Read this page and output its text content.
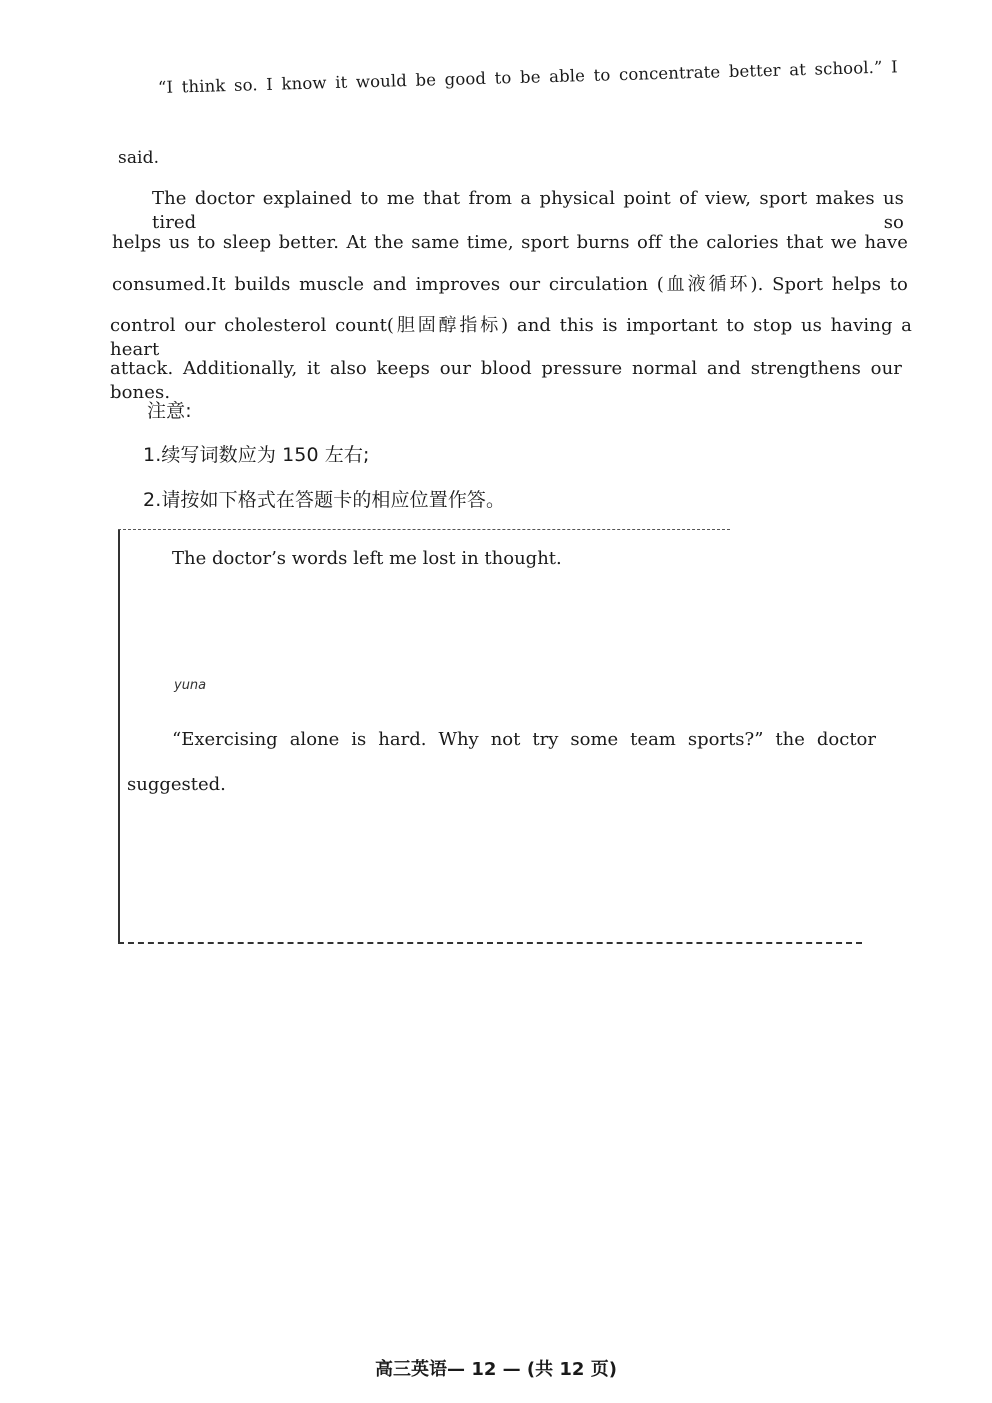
“I think so. I know it would be good to be able to concentrate better at school.” I
said.
The doctor explained to me that from a physical point of view, sport makes us tired so
helps us to sleep better. At the same time, sport burns off the calories that we have
consumed.It builds muscle and improves our circulation (血液循环). Sport helps to
control our cholesterol count(胆固醇指标) and this is important to stop us having a heart
attack. Additionally, it also keeps our blood pressure normal and strengthens our bones.
注意:
1.续写词数应为 150 左右;
2.请按如下格式在答题卡的相应位置作答。
The doctor’s words left me lost in thought.
yuna
“Exercising alone is hard. Why not try some team sports?” the doctor
suggested.
高三英语— 12 — (共 12 页)
